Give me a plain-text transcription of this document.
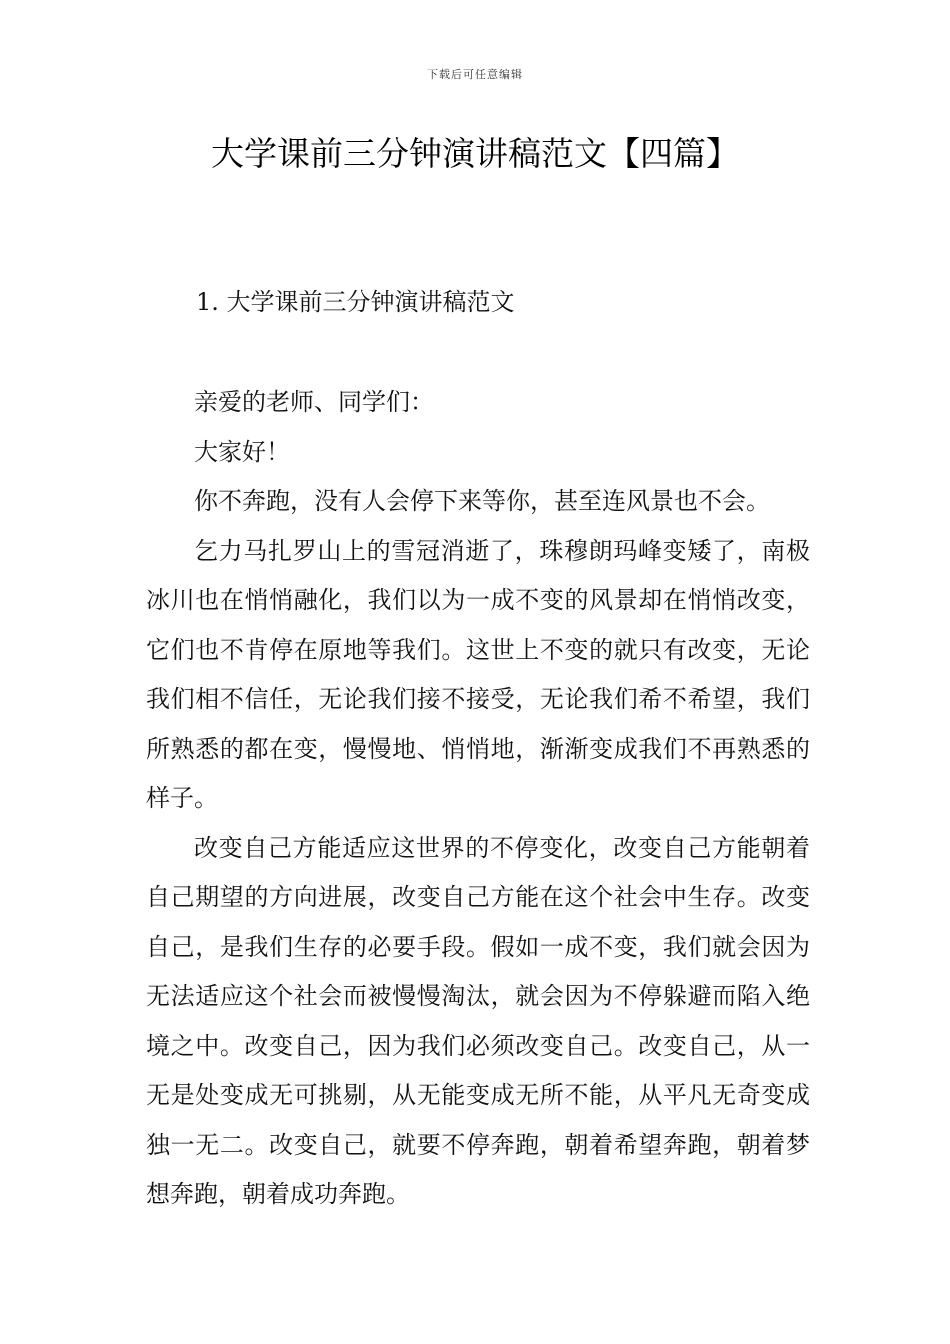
下载后可任意编辑
大学课前三分钟演讲稿范文【四篇】
1. 大学课前三分钟演讲稿范文

亲爱的老师、同学们：

大家好！

你不奔跑，没有人会停下来等你，甚至连风景也不会。

乞力马扎罗山上的雪冠消逝了，珠穆朗玛峰变矮了，南极冰川也在悄悄融化，我们以为一成不变的风景却在悄悄改变，它们也不肯停在原地等我们。这世上不变的就只有改变，无论我们相不信任，无论我们接不接受，无论我们希不希望，我们所熟悉的都在变，慢慢地、悄悄地，渐渐变成我们不再熟悉的样子。

改变自己方能适应这世界的不停变化，改变自己方能朝着自己期望的方向进展，改变自己方能在这个社会中生存。改变自己，是我们生存的必要手段。假如一成不变，我们就会因为无法适应这个社会而被慢慢淘汰，就会因为不停躲避而陷入绝境之中。改变自己，因为我们必须改变自己。改变自己，从一无是处变成无可挑剔，从无能变成无所不能，从平凡无奇变成独一无二。改变自己，就要不停奔跑，朝着希望奔跑，朝着梦想奔跑，朝着成功奔跑。
